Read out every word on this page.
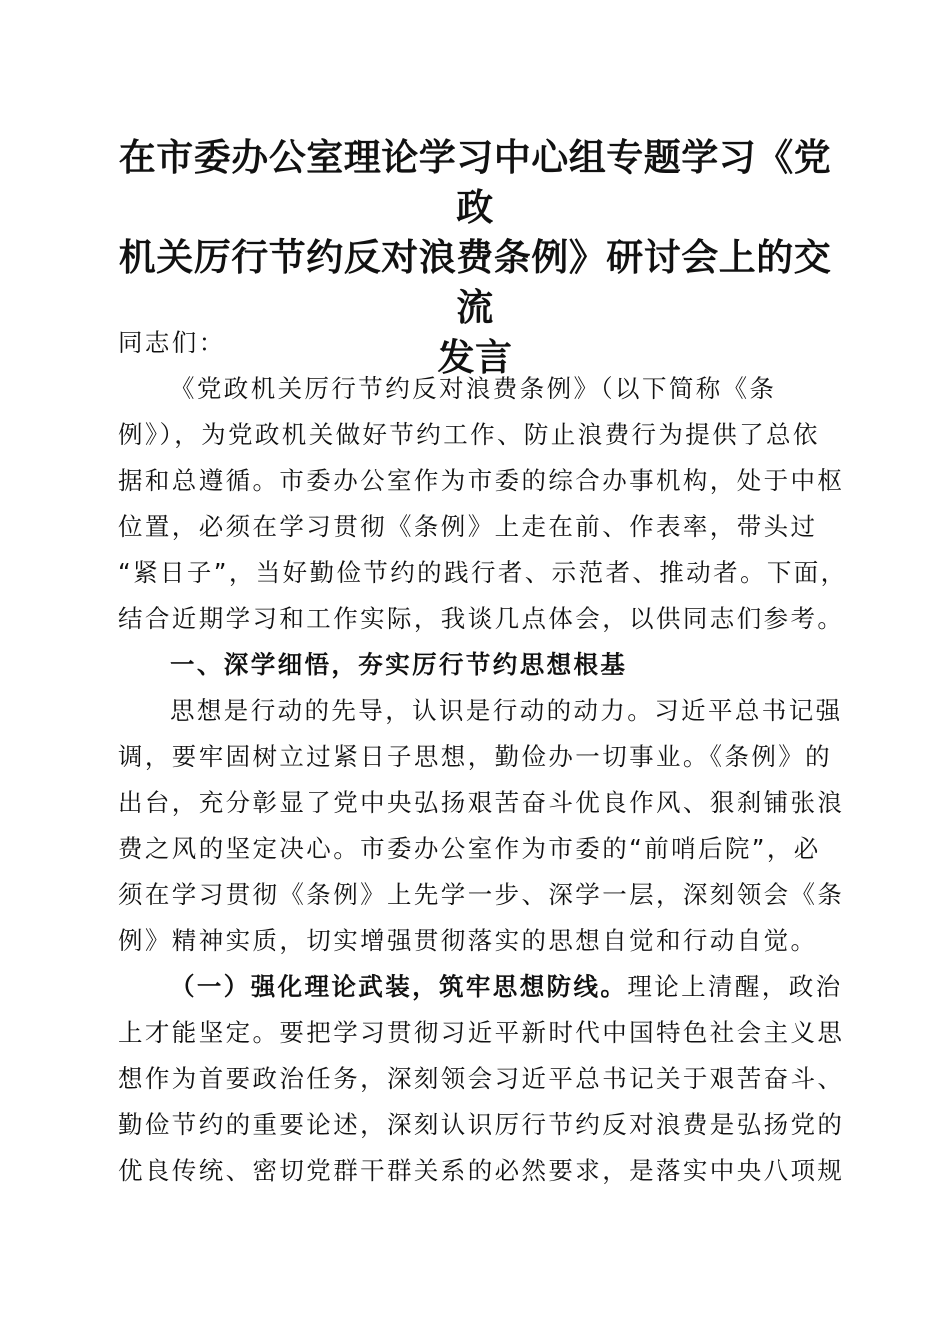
在市委办公室理论学习中心组专题学习《党政
机关厉行节约反对浪费条例》研讨会上的交流
发言
同志们：
《党政机关厉行节约反对浪费条例》（以下简称《条
例》），为党政机关做好节约工作、防止浪费行为提供了总依
据和总遵循。市委办公室作为市委的综合办事机构，处于中枢
位置，必须在学习贯彻《条例》上走在前、作表率，带头过
“紧日子”，当好勤俭节约的践行者、示范者、推动者。下面，
结合近期学习和工作实际，我谈几点体会，以供同志们参考。
一、深学细悟，夯实厉行节约思想根基
思想是行动的先导，认识是行动的动力。习近平总书记强
调，要牢固树立过紧日子思想，勤俭办一切事业。《条例》的
出台，充分彰显了党中央弘扬艰苦奋斗优良作风、狠刹铺张浪
费之风的坚定决心。市委办公室作为市委的“前哨后院”，必
须在学习贯彻《条例》上先学一步、深学一层，深刻领会《条
例》精神实质，切实增强贯彻落实的思想自觉和行动自觉。
（一）强化理论武装，筑牢思想防线。理论上清醒，政治
上才能坚定。要把学习贯彻习近平新时代中国特色社会主义思
想作为首要政治任务，深刻领会习近平总书记关于艰苦奋斗、
勤俭节约的重要论述，深刻认识厉行节约反对浪费是弘扬党的
优良传统、密切党群干群关系的必然要求，是落实中央八项规
